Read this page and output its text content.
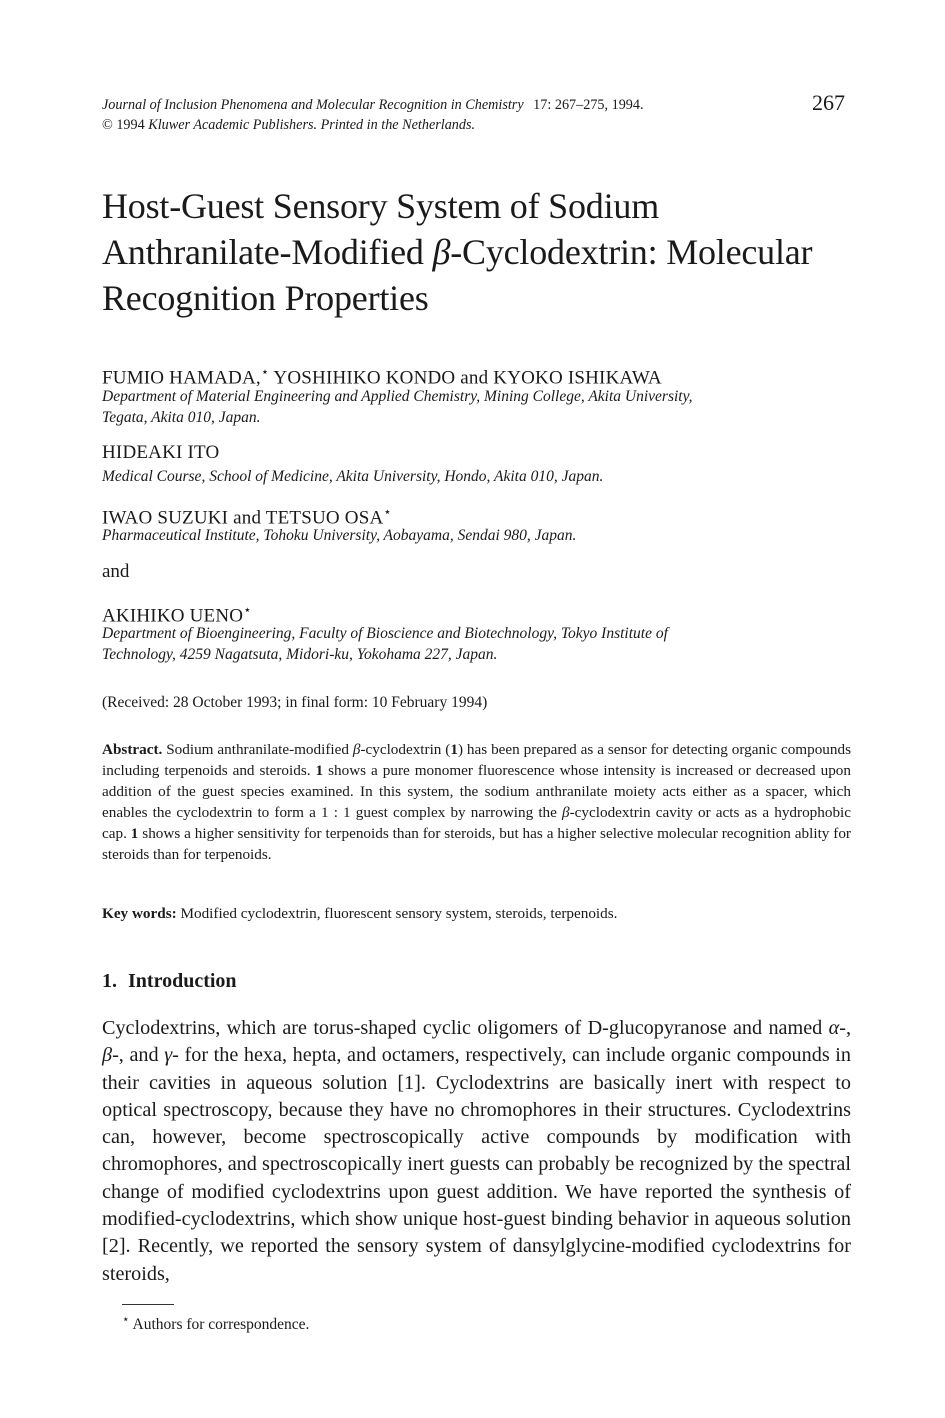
Journal of Inclusion Phenomena and Molecular Recognition in Chemistry 17: 267–275, 1994.
© 1994 Kluwer Academic Publishers. Printed in the Netherlands.
267
Host-Guest Sensory System of Sodium
Anthranilate-Modified β-Cyclodextrin: Molecular
Recognition Properties
FUMIO HAMADA,⋆ YOSHIHIKO KONDO and KYOKO ISHIKAWA
Department of Material Engineering and Applied Chemistry, Mining College, Akita University,
Tegata, Akita 010, Japan.
HIDEAKI ITO
Medical Course, School of Medicine, Akita University, Hondo, Akita 010, Japan.
IWAO SUZUKI and TETSUO OSA⋆
Pharmaceutical Institute, Tohoku University, Aobayama, Sendai 980, Japan.
and
AKIHIKO UENO⋆
Department of Bioengineering, Faculty of Bioscience and Biotechnology, Tokyo Institute of
Technology, 4259 Nagatsuta, Midori-ku, Yokohama 227, Japan.
(Received: 28 October 1993; in final form: 10 February 1994)
Abstract. Sodium anthranilate-modified β-cyclodextrin (1) has been prepared as a sensor for detecting organic compounds including terpenoids and steroids. 1 shows a pure monomer fluorescence whose intensity is increased or decreased upon addition of the guest species examined. In this system, the sodium anthranilate moiety acts either as a spacer, which enables the cyclodextrin to form a 1 : 1 guest complex by narrowing the β-cyclodextrin cavity or acts as a hydrophobic cap. 1 shows a higher sensitivity for terpenoids than for steroids, but has a higher selective molecular recognition ablity for steroids than for terpenoids.
Key words: Modified cyclodextrin, fluorescent sensory system, steroids, terpenoids.
1. Introduction
Cyclodextrins, which are torus-shaped cyclic oligomers of D-glucopyranose and named α-, β-, and γ- for the hexa, hepta, and octamers, respectively, can include organic compounds in their cavities in aqueous solution [1]. Cyclodextrins are basically inert with respect to optical spectroscopy, because they have no chromophores in their structures. Cyclodextrins can, however, become spectroscopically active compounds by modification with chromophores, and spectroscopically inert guests can probably be recognized by the spectral change of modified cyclodextrins upon guest addition. We have reported the synthesis of modified-cyclodextrins, which show unique host-guest binding behavior in aqueous solution [2]. Recently, we reported the sensory system of dansylglycine-modified cyclodextrins for steroids,
⋆ Authors for correspondence.
